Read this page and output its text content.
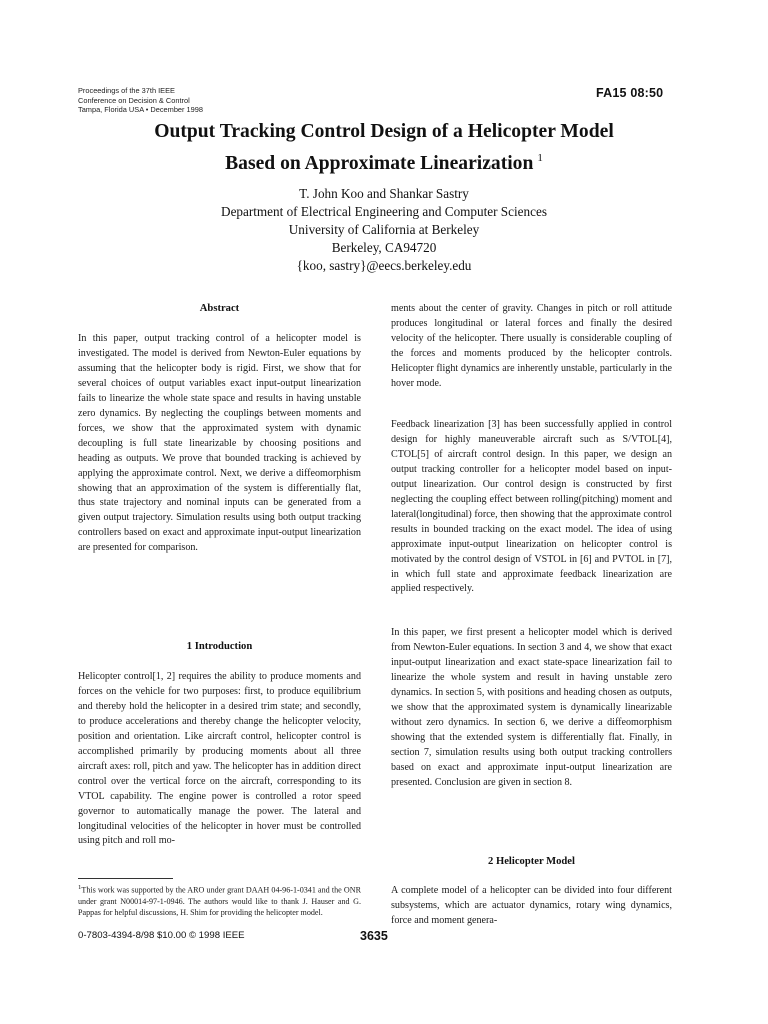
Proceedings of the 37th IEEE
Conference on Decision & Control
Tampa, Florida USA • December 1998
FA15 08:50
Output Tracking Control Design of a Helicopter Model
Based on Approximate Linearization $^1$
T. John Koo and Shankar Sastry
Department of Electrical Engineering and Computer Sciences
University of California at Berkeley
Berkeley, CA94720
{koo, sastry}@eecs.berkeley.edu
Abstract

In this paper, output tracking control of a helicopter model is investigated. The model is derived from Newton-Euler equations by assuming that the helicopter body is rigid. First, we show that for several choices of output variables exact input-output linearization fails to linearize the whole state space and results in having unstable zero dynamics. By neglecting the couplings between moments and forces, we show that the approximated system with dynamic decoupling is full state linearizable by choosing positions and heading as outputs. We prove that bounded tracking is achieved by applying the approximate control. Next, we derive a diffeomorphism showing that an approximation of the system is differentially flat, thus state trajectory and nominal inputs can be generated from a given output trajectory. Simulation results using both output tracking controllers based on exact and approximate input-output linearization are presented for comparison.

1 Introduction

Helicopter control[1, 2] requires the ability to produce moments and forces on the vehicle for two purposes: first, to produce equilibrium and thereby hold the helicopter in a desired trim state; and secondly, to produce accelerations and thereby change the helicopter velocity, position and orientation. Like aircraft control, helicopter control is accomplished primarily by producing moments about all three aircraft axes: roll, pitch and yaw. The helicopter has in addition direct control over the vertical force on the aircraft, corresponding to its VTOL capability. The engine power is controlled a rotor speed governor to automatically manage the power. The lateral and longitudinal velocities of the helicopter in hover must be controlled using pitch and roll mo-

ments about the center of gravity. Changes in pitch or roll attitude produces longitudinal or lateral forces and finally the desired velocity of the helicopter. There usually is considerable coupling of the forces and moments produced by the helicopter controls. Helicopter flight dynamics are inherently unstable, particularly in the hover mode.

Feedback linearization [3] has been successfully applied in control design for highly maneuverable aircraft such as S/VTOL[4], CTOL[5] of aircraft control design. In this paper, we design an output tracking controller for a helicopter model based on input-output linearization. Our control design is constructed by first neglecting the coupling effect between rolling(pitching) moment and lateral(longitudinal) force, then showing that the approximate control results in bounded tracking on the exact model. The idea of using approximate input-output linearization on helicopter control is motivated by the control design of VSTOL in [6] and PVTOL in [7], in which full state and approximate feedback linearization are applied respectively.

In this paper, we first present a helicopter model which is derived from Newton-Euler equations. In section 3 and 4, we show that exact input-output linearization and exact state-space linearization fail to linearize the whole system and result in having unstable zero dynamics. In section 5, with positions and heading chosen as outputs, we show that the approximated system is dynamically linearizable without zero dynamics. In section 6, we derive a diffeomorphism showing that the extended system is differentially flat. Finally, in section 7, simulation results using both output tracking controllers based on exact and approximate input-output linearization are presented. Conclusion are given in section 8.

2 Helicopter Model

A complete model of a helicopter can be divided into four different subsystems, which are actuator dynamics, rotary wing dynamics, force and moment genera-

$^1$This work was supported by the ARO under grant DAAH 04-96-1-0341 and the ONR under grant N00014-97-1-0946. The authors would like to thank J. Hauser and G. Pappas for helpful discussions, H. Shim for providing the helicopter model.
0-7803-4394-8/98 $10.00 © 1998 IEEE	3635
